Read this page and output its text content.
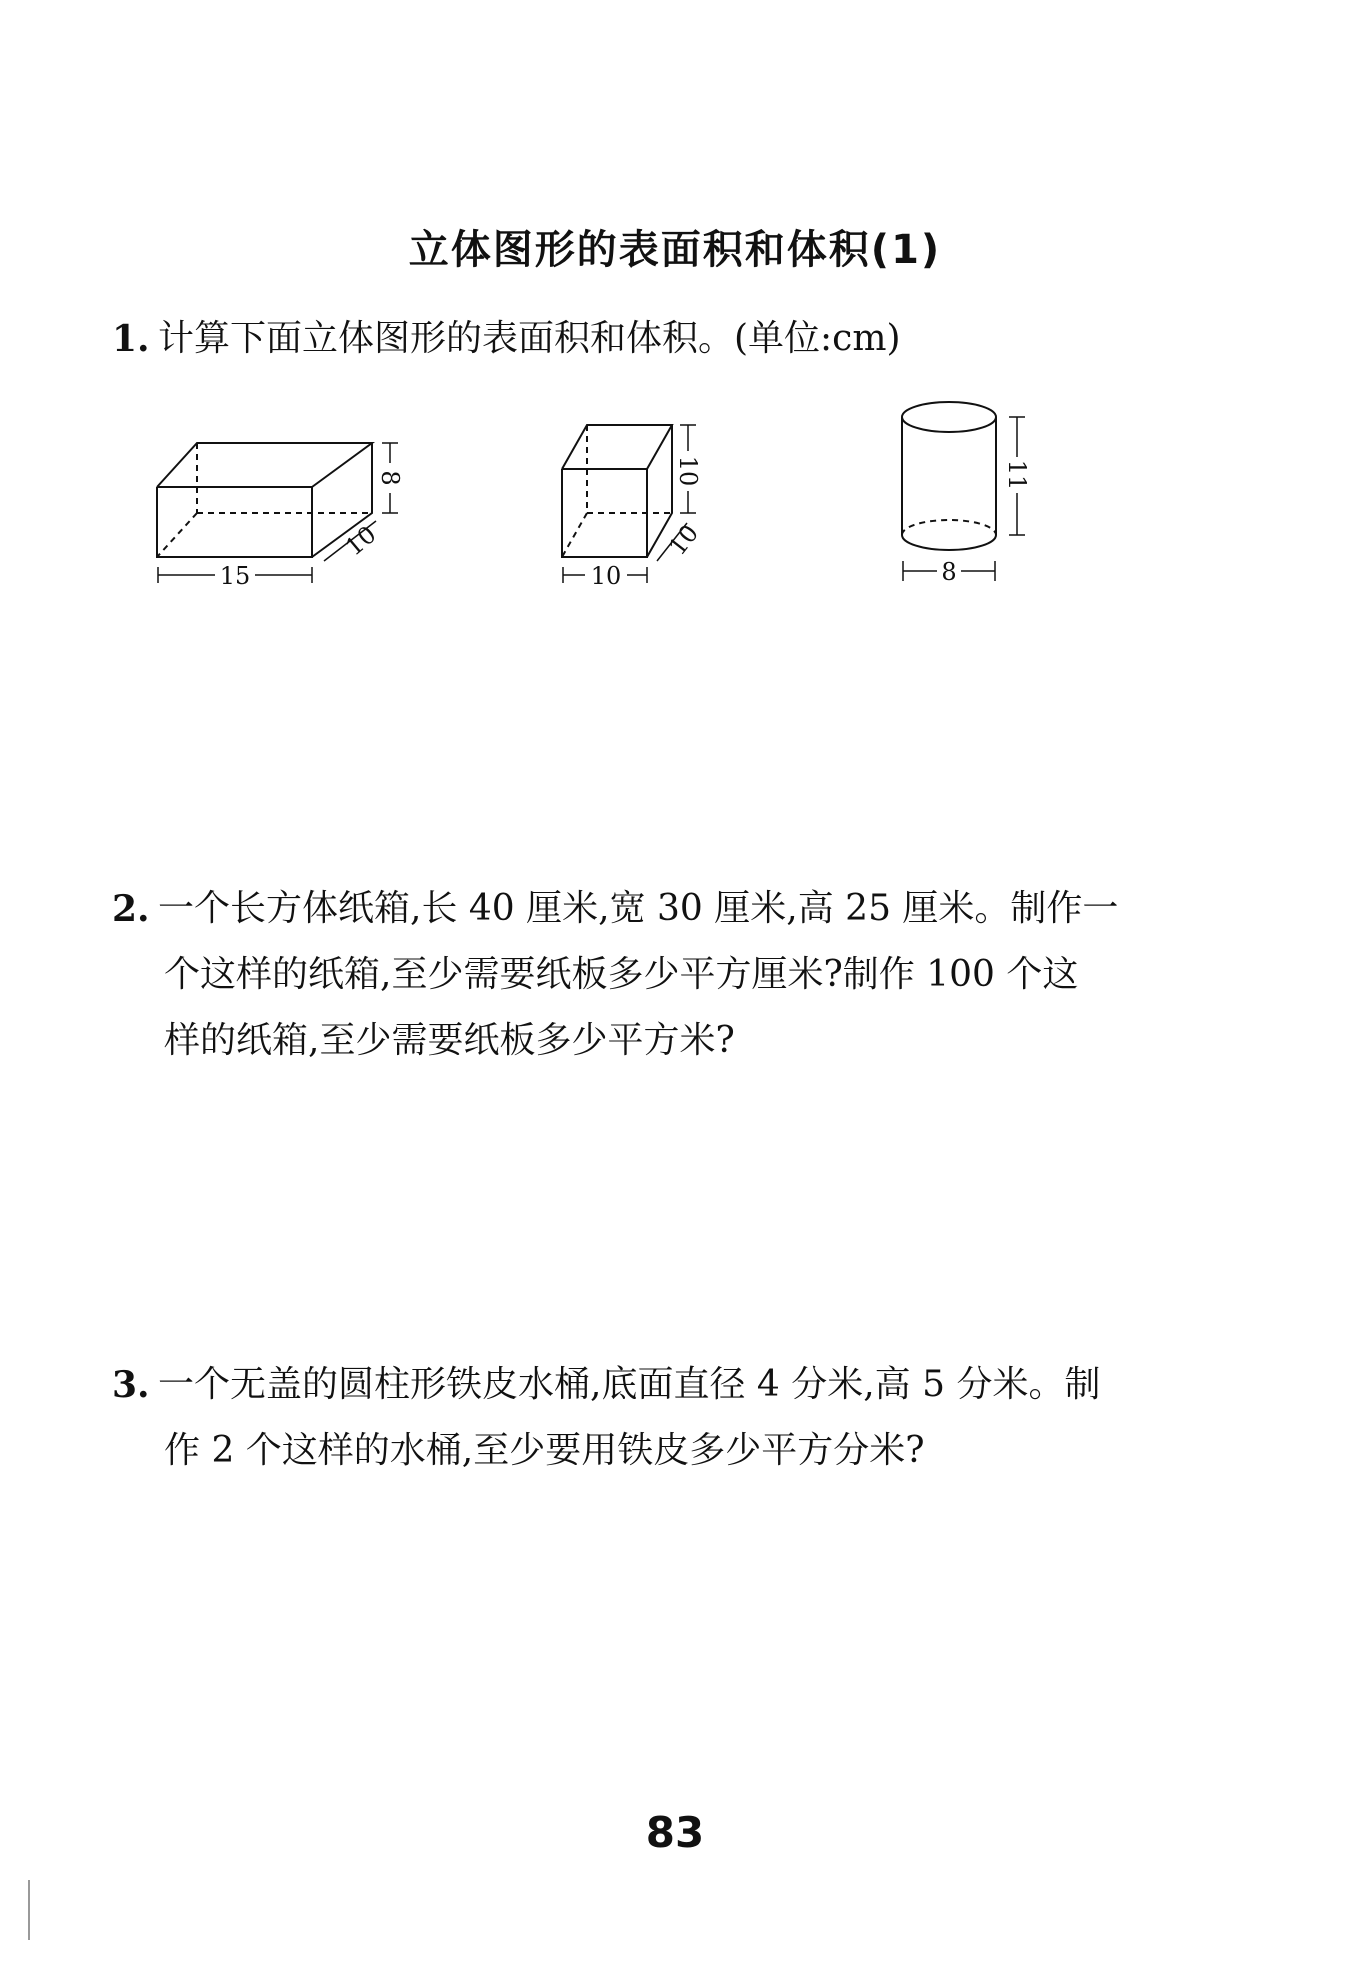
立体图形的表面积和体积(1)
1. 计算下面立体图形的表面积和体积。(单位:cm)
15
8
10
10
10
10
8
11
2. 一个长方体纸箱,长 40 厘米,宽 30 厘米,高 25 厘米。制作一
个这样的纸箱,至少需要纸板多少平方厘米?制作 100 个这
样的纸箱,至少需要纸板多少平方米?
3. 一个无盖的圆柱形铁皮水桶,底面直径 4 分米,高 5 分米。制
作 2 个这样的水桶,至少要用铁皮多少平方分米?
83
